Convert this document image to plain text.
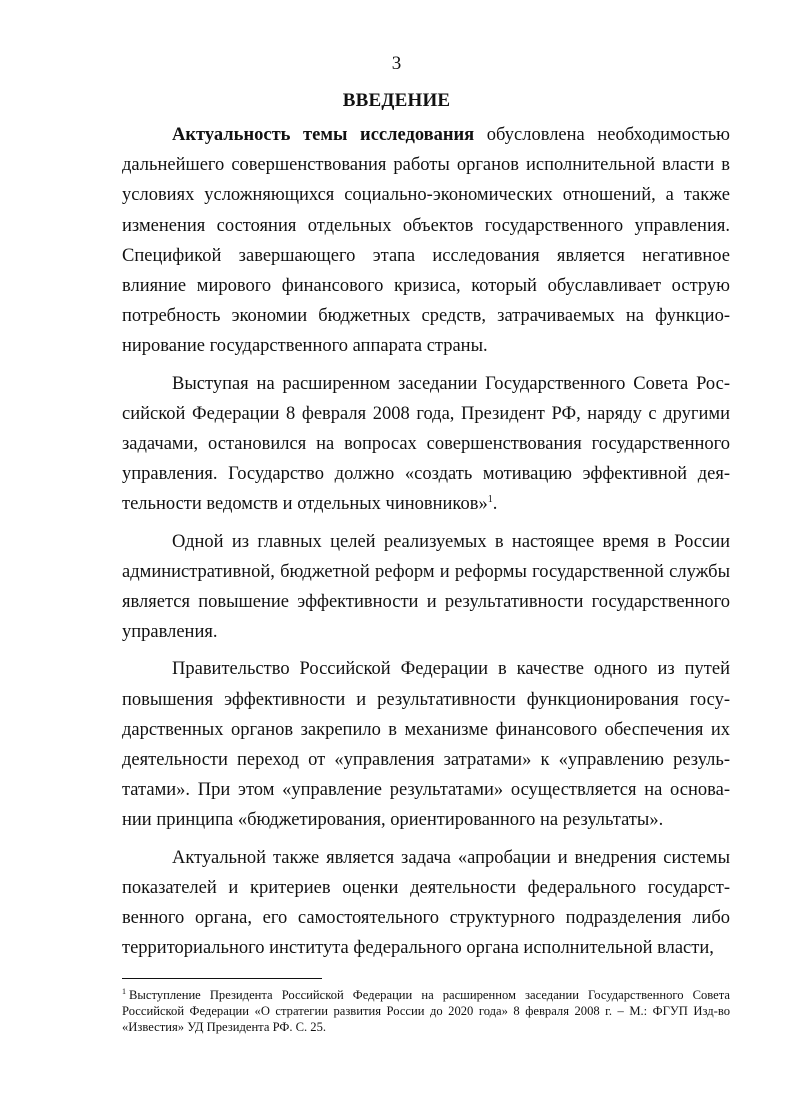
3
ВВЕДЕНИЕ

Актуальность темы исследования обусловлена необходимостью дальнейшего совершенствования работы органов исполнительной власти в условиях усложняющихся социально-экономических отношений, а также изменения состояния отдельных объектов государственного управления. Спецификой завершающего этапа исследования является негативное влияние мирового финансового кризиса, который обуславливает острую потребность экономии бюджетных средств, затрачиваемых на функционирование государственного аппарата страны.

Выступая на расширенном заседании Государственного Совета Российской Федерации 8 февраля 2008 года, Президент РФ, наряду с другими задачами, остановился на вопросах совершенствования государственного управления. Государство должно «создать мотивацию эффективной деятельности ведомств и отдельных чиновников»$^1$.

Одной из главных целей реализуемых в настоящее время в России административной, бюджетной реформ и реформы государственной службы является повышение эффективности и результативности государственного управления.

Правительство Российской Федерации в качестве одного из путей повышения эффективности и результативности функционирования государственных органов закрепило в механизме финансового обеспечения их деятельности переход от «управления затратами» к «управлению результатами». При этом «управление результатами» осуществляется на основании принципа «бюджетирования, ориентированного на результаты».

Актуальной также является задача «апробации и внедрения системы показателей и критериев оценки деятельности федерального государственного органа, его самостоятельного структурного подразделения либо территориального института федерального органа исполнительной власти,

$^1$ Выступление Президента Российской Федерации на расширенном заседании Государственного Совета Российской Федерации «О стратегии развития России до 2020 года» 8 февраля 2008 г. – М.: ФГУП Изд-во «Известия» УД Президента РФ. С. 25.
